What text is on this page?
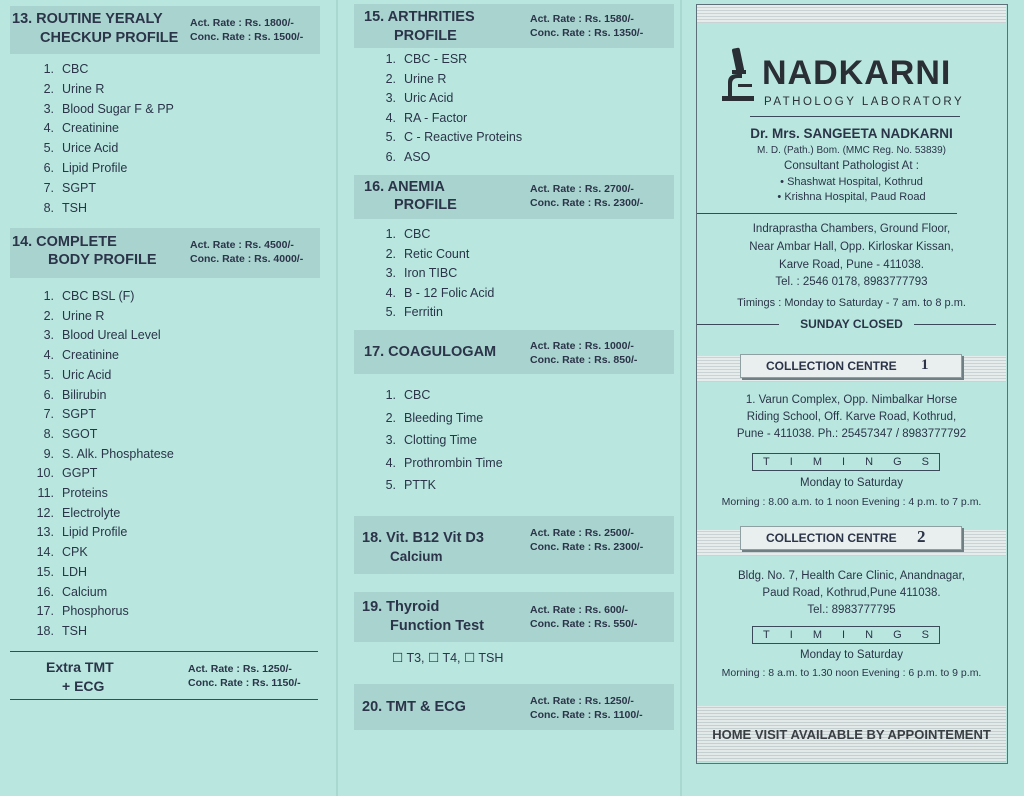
13. ROUTINE YERALY
CHECKUP PROFILE
Act. Rate : Rs. 1800/-
Conc. Rate : Rs. 1500/-
1. CBC
2. Urine R
3. Blood Sugar F & PP
4. Creatinine
5. Urice Acid
6. Lipid Profile
7. SGPT
8. TSH
14. COMPLETE
BODY PROFILE
Act. Rate : Rs. 4500/-
Conc. Rate : Rs. 4000/-
1. CBC BSL (F)
2. Urine R
3. Blood Ureal Level
4. Creatinine
5. Uric Acid
6. Bilirubin
7. SGPT
8. SGOT
9. S. Alk. Phosphatese
10. GGPT
11. Proteins
12. Electrolyte
13. Lipid Profile
14. CPK
15. LDH
16. Calcium
17. Phosphorus
18. TSH
Extra TMT
+ ECG
Act. Rate : Rs. 1250/-
Conc. Rate : Rs. 1150/-
15. ARTHRITIES
PROFILE
Act. Rate : Rs. 1580/-
Conc. Rate : Rs. 1350/-
1. CBC - ESR
2. Urine R
3. Uric Acid
4. RA - Factor
5. C - Reactive Proteins
6. ASO
16. ANEMIA
PROFILE
Act. Rate : Rs. 2700/-
Conc. Rate : Rs. 2300/-
1. CBC
2. Retic Count
3. Iron TIBC
4. B - 12 Folic Acid
5. Ferritin
17. COAGULOGAM	Act. Rate : Rs. 1000/-
Conc. Rate : Rs. 850/-
1. CBC
2. Bleeding Time
3. Clotting Time
4. Prothrombin Time
5. PTTK
18. Vit. B12 Vit D3
Calcium
Act. Rate : Rs. 2500/-
Conc. Rate : Rs. 2300/-
19. Thyroid
Function Test
Act. Rate : Rs. 600/-
Conc. Rate : Rs. 550/-
☐ T3, ☐ T4, ☐ TSH
20. TMT & ECG	Act. Rate : Rs. 1250/-
Conc. Rate : Rs. 1100/-
NADKARNI
PATHOLOGY LABORATORY
Dr. Mrs. SANGEETA NADKARNI
M. D. (Path.) Bom. (MMC Reg. No. 53839)
Consultant Pathologist At :
• Shashwat Hospital, Kothrud
• Krishna Hospital, Paud Road
Indraprastha Chambers, Ground Floor,
Near Ambar Hall, Opp. Kirloskar Kissan,
Karve Road, Pune - 411038.
Tel. : 2546 0178, 8983777793
Timings : Monday to Saturday - 7 am. to 8 p.m.
SUNDAY CLOSED
COLLECTION CENTRE 1
1. Varun Complex, Opp. Nimbalkar Horse
Riding School, Off. Karve Road, Kothrud,
Pune - 411038. Ph.: 25457347 / 8983777792
T I M I N G S
Monday to Saturday
Morning : 8.00 a.m. to 1 noon Evening : 4 p.m. to 7 p.m.
COLLECTION CENTRE 2
Bldg. No. 7, Health Care Clinic, Anandnagar,
Paud Road, Kothrud,Pune 411038.
Tel.: 8983777795
T I M I N G S
Monday to Saturday
Morning : 8 a.m. to 1.30 noon Evening : 6 p.m. to 9 p.m.
HOME VISIT AVAILABLE BY APPOINTEMENT
